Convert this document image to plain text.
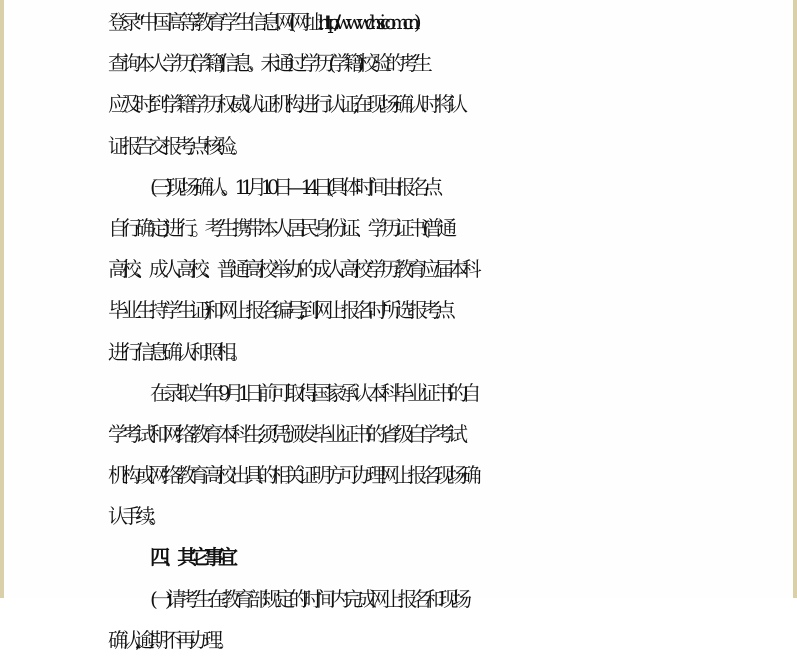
登录“中国高等教育学生信息网(网址:http://www.chsi.com.cn)
查询本人学历(学籍)信息。未通过学历(学籍)校验的考生
应及时到学籍学历权威认证机构进行认证,在现场确认时将认
证报告交报考点核验。
(三)现场确认。11 月 10 日—14 日(具体时间由报名点
自行确定)进行。考生携带本人居民身份证、学历证书(普通
高校、成人高校、普通高校举办的成人高校学历教育应届本科
毕业生持学生证)和网上报名编号,到网上报名时所选报考点
进行信息确认和照相。
在录取当年 9 月 1 日前可取得国家承认本科毕业证书的自
学考试和网络教育本科生,须凭颁发毕业证书的省级自学考试
机构或网络教育高校出具的相关证明方可办理网上报名现场确
认手续。
四、其它事宜
(一)请考生在教育部规定的时间内完成网上报名和现场
确认,逾期不再办理。
